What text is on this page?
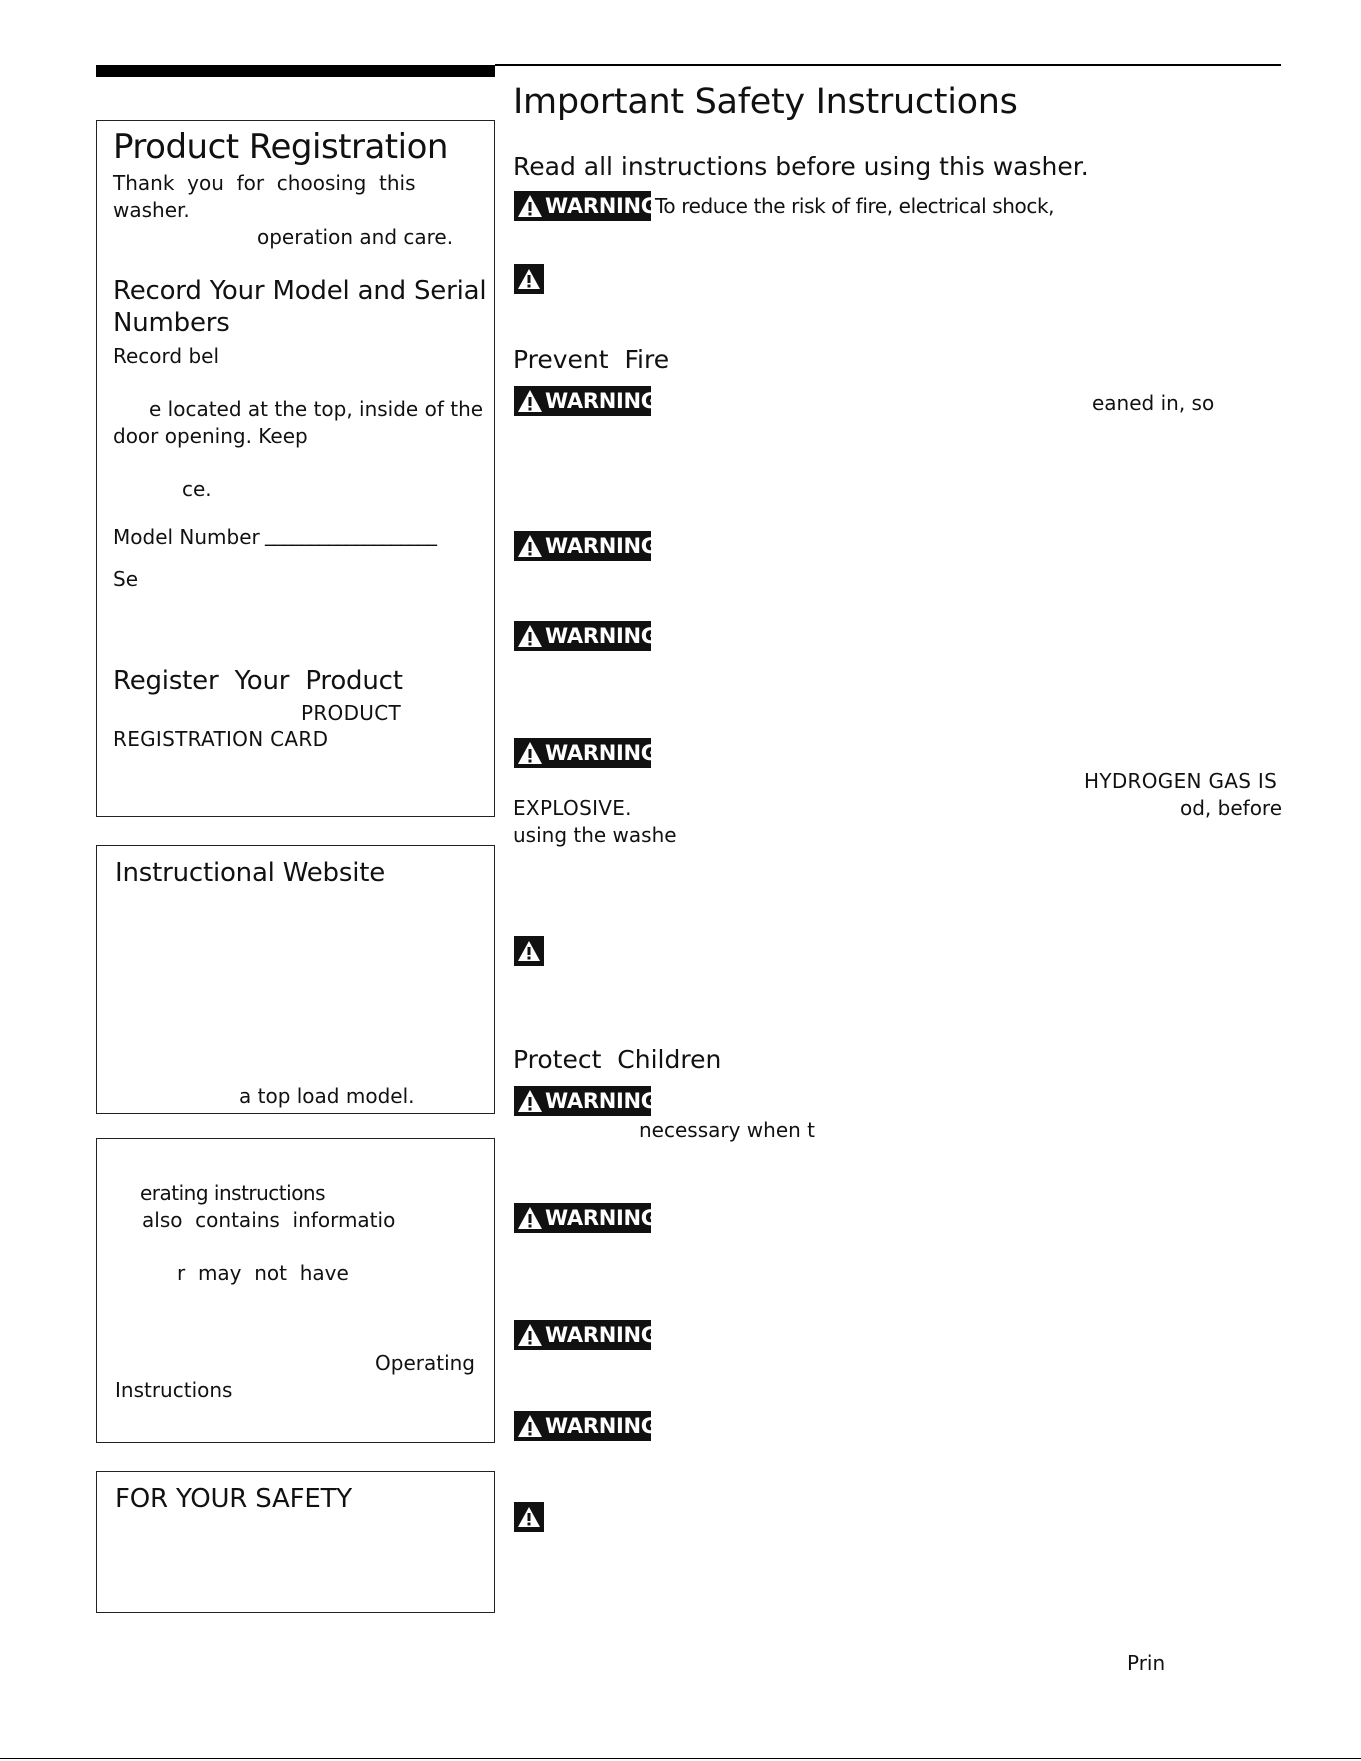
Product Registration
Thank  you  for  choosing  this
washer.
operation and care.
Record Your Model and Serial
Numbers
Record bel
e located at the top, inside of the
door opening. Keep
ce.
Model Number ___________________
Se
Register  Your  Product
PRODUCT
REGISTRATION CARD
Instructional Website
a top load model.
erating instructions
also  contains  informatio
r  may  not  have
Operating
Instructions
FOR YOUR SAFETY
Important Safety Instructions
Read all instructions before using this washer.
WARNING
To reduce the risk of fire, electrical shock,
Prevent  Fire
WARNING	eaned in, so
WARNING
WARNING
WARNING
HYDROGEN GAS IS
EXPLOSIVE.	od, before
using the washe
Protect  Children
WARNING
necessary when t
WARNING
WARNING
WARNING
Prin
